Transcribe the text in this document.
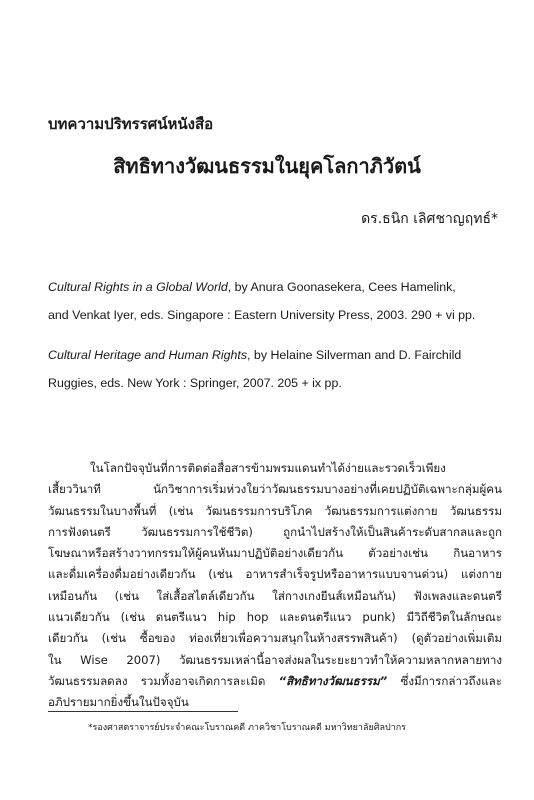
บทความปริทรรศน์หนังสือ
สิทธิทางวัฒนธรรมในยุคโลกาภิวัตน์
ดร.ธนิก เลิศชาญฤทธ์*
Cultural Rights in a Global World, by Anura Goonasekera, Cees Hamelink,
and Venkat Iyer, eds. Singapore : Eastern University Press, 2003. 290 + vi pp.
Cultural Heritage and Human Rights, by Helaine Silverman and D. Fairchild
Ruggies, eds. New York : Springer, 2007. 205 + ix pp.
ในโลกปัจจุบันที่การติดต่อสื่อสารข้ามพรมแดนทำได้ง่ายและรวดเร็วเพียง
เสี้ยววินาที นักวิชาการเริ่มห่วงใยว่าวัฒนธรรมบางอย่างที่เคยปฏิบัติเฉพาะกลุ่มผู้คน
วัฒนธรรมในบางพื้นที่ (เช่น วัฒนธรรมการบริโภค วัฒนธรรมการแต่งกาย วัฒนธรรม
การฟังดนตรี วัฒนธรรมการใช้ชีวิต) ถูกนำไปสร้างให้เป็นสินค้าระดับสากลและถูก
โฆษณาหรือสร้างวาทกรรมให้ผู้คนหันมาปฏิบัติอย่างเดียวกัน ตัวอย่างเช่น กินอาหาร
และดื่มเครื่องดื่มอย่างเดียวกัน (เช่น อาหารสำเร็จรูปหรืออาหารแบบจานด่วน) แต่งกาย
เหมือนกัน (เช่น ใส่เสื้อสไตล์เดียวกัน ใส่กางเกงยีนส์เหมือนกัน) ฟังเพลงและดนตรี
แนวเดียวกัน (เช่น ดนตรีแนว hip hop และดนตรีแนว punk) มีวิถีชีวิตในลักษณะ
เดียวกัน (เช่น ซื้อของ ท่องเที่ยวเพื่อความสนุกในห้างสรรพสินค้า) (ดูตัวอย่างเพิ่มเติม
ใน Wise 2007) วัฒนธรรมเหล่านี้อาจส่งผลในระยะยาวทำให้ความหลากหลายทาง
วัฒนธรรมลดลง รวมทั้งอาจเกิดการละเมิด “สิทธิทางวัฒนธรรม” ซึ่งมีการกล่าวถึงและ
อภิปรายมากยิ่งขึ้นในปัจจุบัน
*รองศาสตราจารย์ประจำคณะโบราณคดี ภาควิชาโบราณคดี มหาวิทยาลัยศิลปากร
